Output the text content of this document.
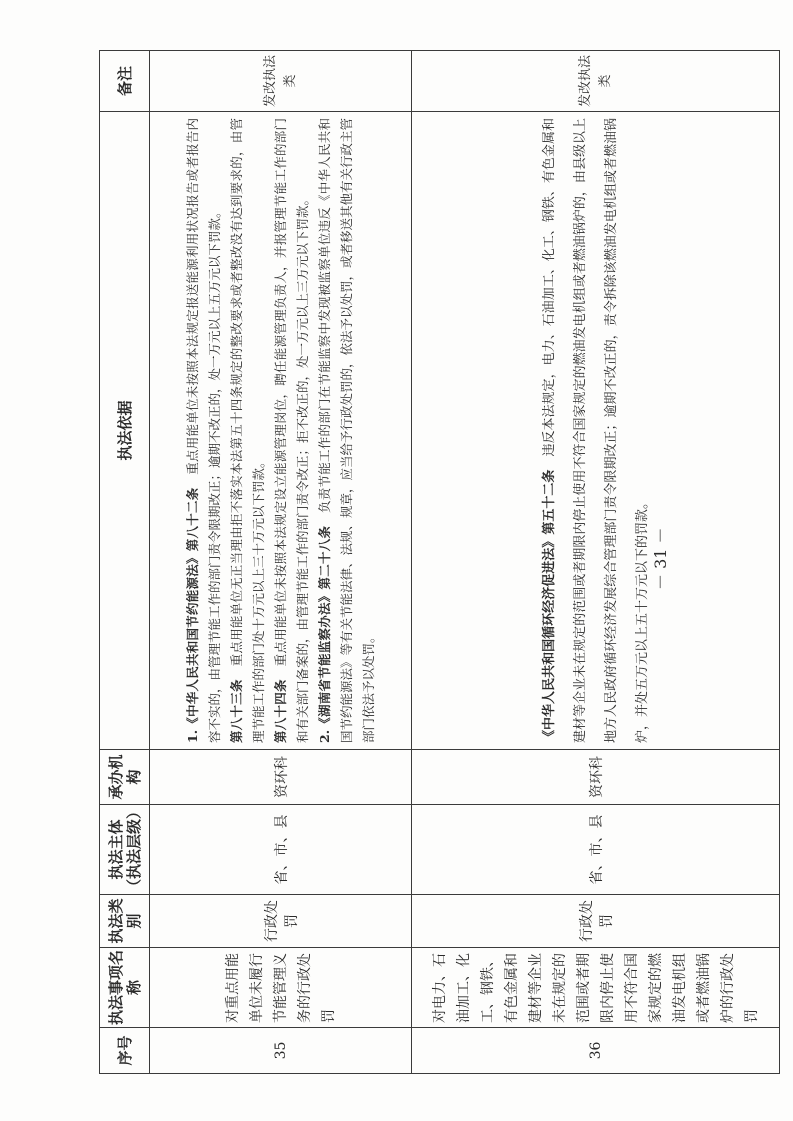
序号	执法事项名称	执法类别	执法主体（执法层级）	承办机构	执法依据	备注
35	对重点用能单位未履行节能管理义务的行政处罚	行政处罚	省、市、县	资环科	1.《中华人民共和国节约能源法》第八十二条　重点用能单位未按照本法规定报送能源利用状况报告或者报告内容不实的，由管理节能工作的部门责令限期改正；逾期不改正的，处一万元以上五万元以下罚款。 第八十三条　重点用能单位无正当理由拒不落实本法第五十四条规定的整改要求或者整改没有达到要求的，由管理节能工作的部门处十万元以上三十万元以下罚款。 第八十四条　重点用能单位未按照本法规定设立能源管理岗位，聘任能源管理负责人，并报管理节能工作的部门和有关部门备案的，由管理节能工作的部门责令改正；拒不改正的，处一万元以上三万元以下罚款。 2.《湖南省节能监察办法》第二十八条　负责节能工作的部门在节能监察中发现被监察单位违反《中华人民共和国节约能源法》等有关节能法律、法规、规章，应当给予行政处罚的，依法予以处罚，或者移送其他有关行政主管部门依法予以处罚。	发改执法类
36	对电力、石油加工、化工、钢铁、有色金属和建材等企业未在规定的范围或者期限内停止使用不符合国家规定的燃油发电机组或者燃油锅炉的行政处罚	行政处罚	省、市、县	资环科	《中华人民共和国循环经济促进法》第五十二条　违反本法规定，电力、石油加工、化工、钢铁、有色金属和建材等企业未在规定的范围或者期限内停止使用不符合国家规定的燃油发电机组或者燃油锅炉的，由县级以上地方人民政府循环经济发展综合管理部门责令限期改正；逾期不改正的，责令拆除该燃油发电机组或者燃油锅炉，并处五万元以上五十万元以下的罚款。	发改执法类
－ 31 －
